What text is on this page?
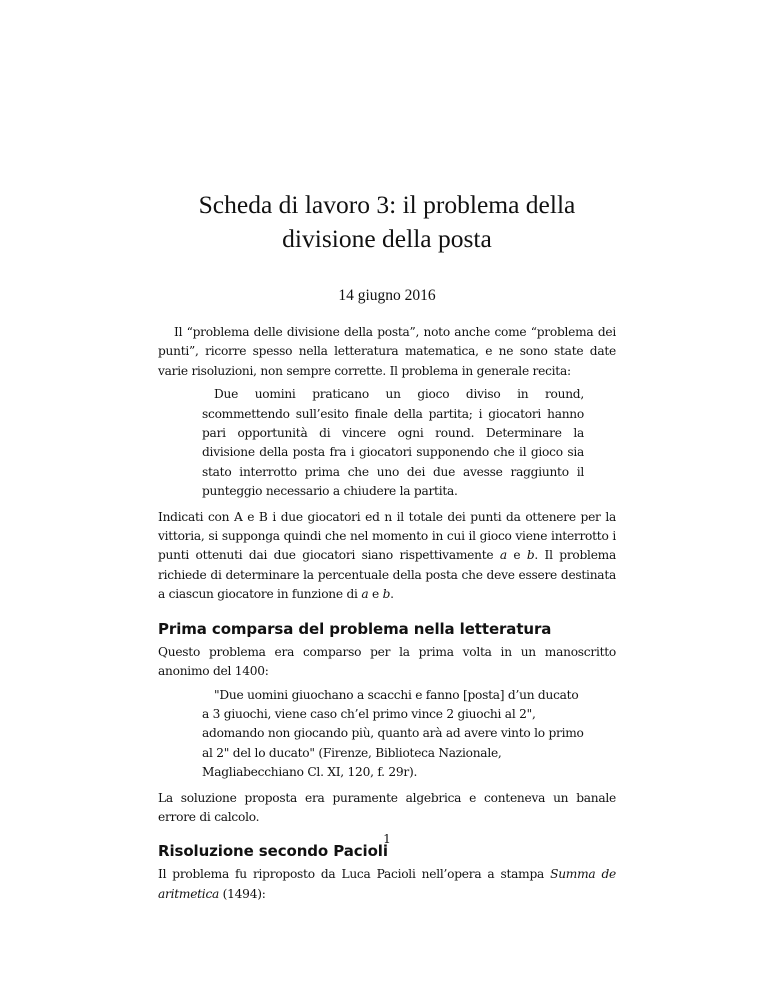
Scheda di lavoro 3: il problema della divisione della posta
14 giugno 2016

Il “problema delle divisione della posta”, noto anche come “problema dei punti”, ricorre spesso nella letteratura matematica, e ne sono state date varie risoluzioni, non sempre corrette. Il problema in generale recita:

Due uomini praticano un gioco diviso in round, scommettendo sull’esito finale della partita; i giocatori hanno pari opportunità di vincere ogni round. Determinare la divisione della posta fra i giocatori supponendo che il gioco sia stato interrotto prima che uno dei due avesse raggiunto il punteggio necessario a chiudere la partita.

Indicati con A e B i due giocatori ed n il totale dei punti da ottenere per la vittoria, si supponga quindi che nel momento in cui il gioco viene interrotto i punti ottenuti dai due giocatori siano rispettivamente a e b. Il problema richiede di determinare la percentuale della posta che deve essere destinata a ciascun giocatore in funzione di a e b.

Prima comparsa del problema nella letteratura

Questo problema era comparso per la prima volta in un manoscritto anonimo del 1400:

"Due uomini giuochano a scacchi e fanno [posta] d’un ducato a 3 giuochi, viene caso ch’el primo vince 2 giuochi al 2", adomando non giocando più, quanto arà ad avere vinto lo primo al 2" del lo ducato" (Firenze, Biblioteca Nazionale, Magliabecchiano Cl. XI, 120, f. 29r).

La soluzione proposta era puramente algebrica e conteneva un banale errore di calcolo.

Risoluzione secondo Pacioli

Il problema fu riproposto da Luca Pacioli nell’opera a stampa Summa de aritmetica (1494):

1
